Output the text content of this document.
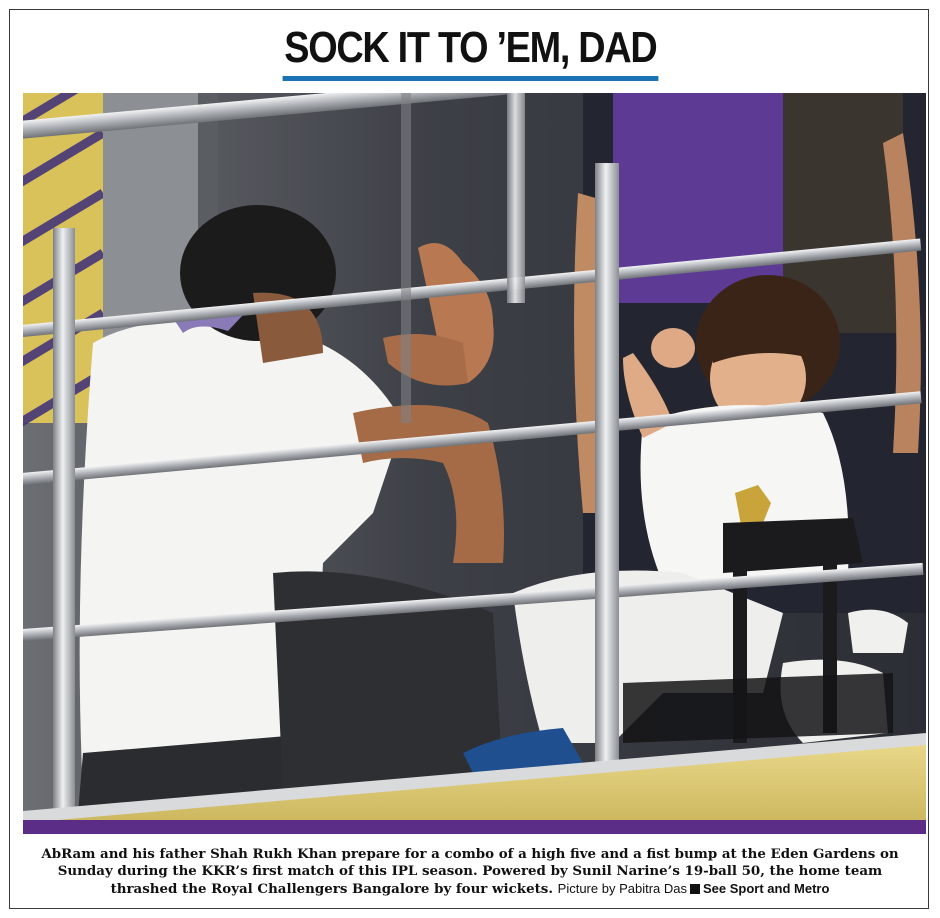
SOCK IT TO ’EM, DAD
AbRam and his father Shah Rukh Khan prepare for a combo of a high five and a fist bump at the Eden Gardens on Sunday during the KKR’s first match of this IPL season. Powered by Sunil Narine’s 19-ball 50, the home team thrashed the Royal Challengers Bangalore by four wickets. Picture by Pabitra Das See Sport and Metro
